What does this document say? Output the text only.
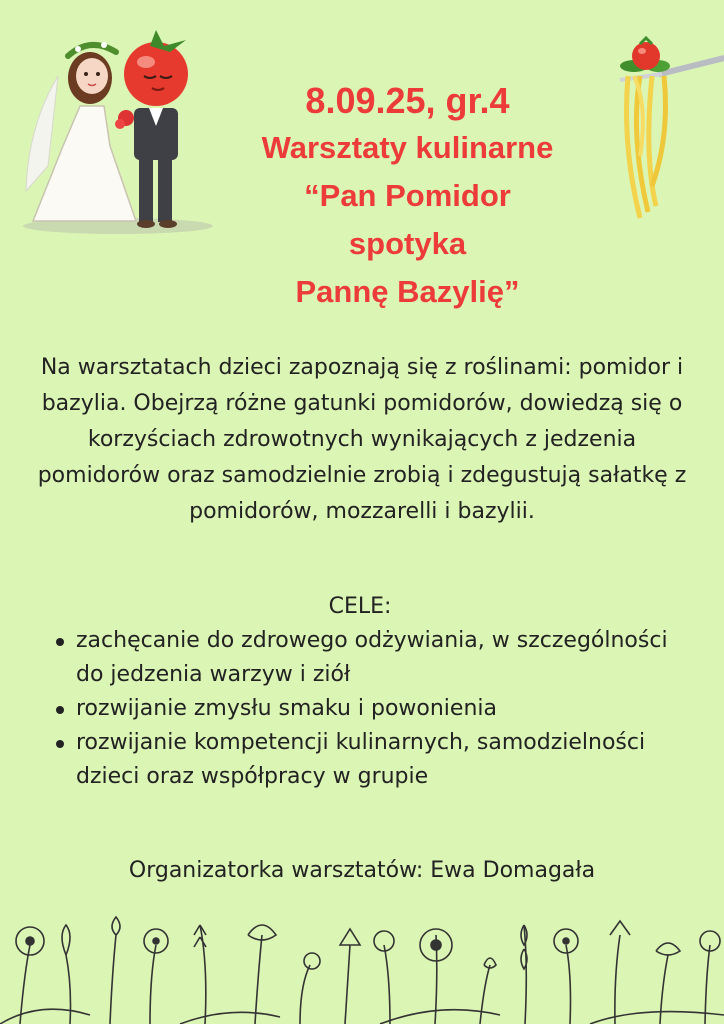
8.09.25, gr.4
Warsztaty kulinarne
“Pan Pomidor
spotyka
Pannę Bazylię”
Na warsztatach dzieci zapoznają się z roślinami: pomidor i bazylia. Obejrzą różne gatunki pomidorów, dowiedzą się o korzyściach zdrowotnych wynikających z jedzenia pomidorów oraz samodzielnie zrobią i zdegustują sałatkę z pomidorów, mozzarelli i bazylii.
CELE:
zachęcanie do zdrowego odżywiania, w szczególności do jedzenia warzyw i ziół
rozwijanie zmysłu smaku i powonienia
rozwijanie kompetencji kulinarnych, samodzielności dzieci oraz współpracy w grupie
Organizatorka warsztatów: Ewa Domagała
